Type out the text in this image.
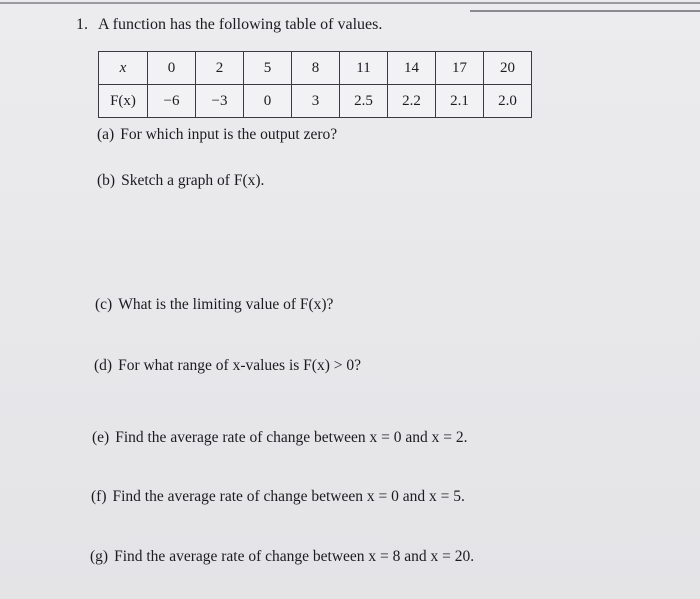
1. A function has the following table of values.
x	0	2	5	8	11	14	17	20
F(x)	−6	−3	0	3	2.5	2.2	2.1	2.0
(a) For which input is the output zero?
(b) Sketch a graph of F(x).
(c) What is the limiting value of F(x)?
(d) For what range of x-values is F(x) > 0?
(e) Find the average rate of change between x = 0 and x = 2.
(f) Find the average rate of change between x = 0 and x = 5.
(g) Find the average rate of change between x = 8 and x = 20.
